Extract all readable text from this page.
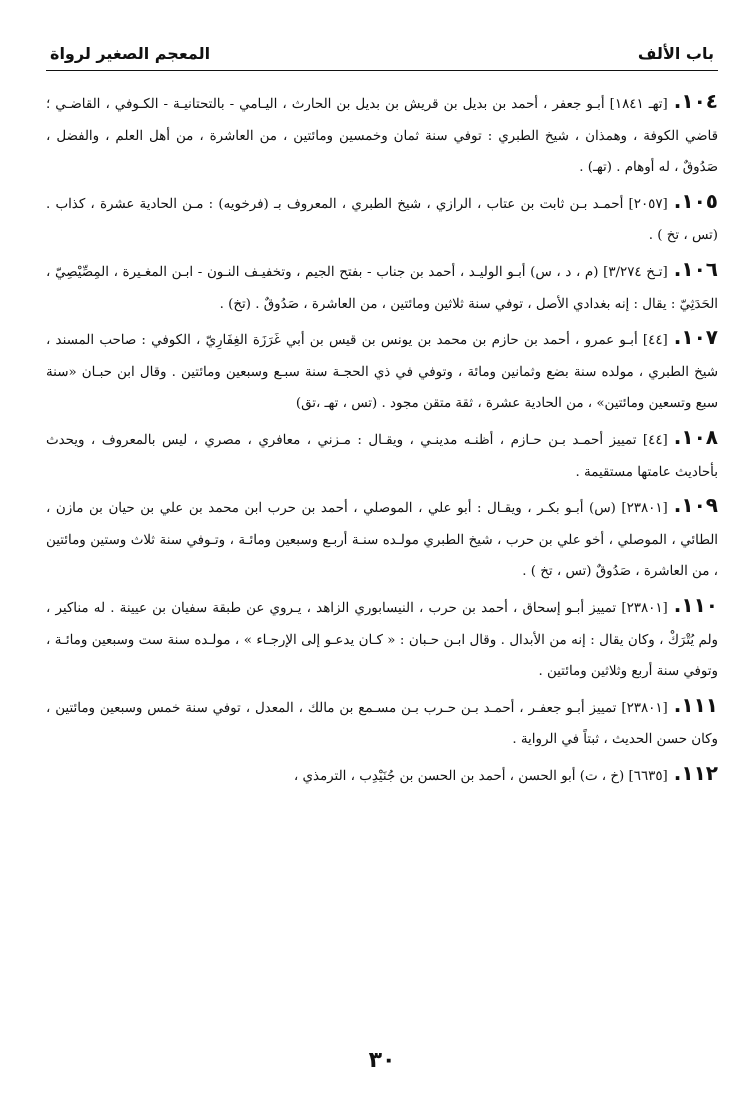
باب الألف
المعجم الصغير لرواة

١٠٤.[تهـ ١٨٤١] أبـو جعفر ، أحمد بن بديل بن قريش بن بديل بن الحارث ، اليـامي - بالتحتانيـة - الكـوفي ، القاضـي ؛ قاضي الكوفة ، وهمذان ، شيخ الطبري : توفي سنة ثمان وخمسين ومائتين ، من العاشرة ، من أهل العلم ، والفضل ، صَدُوقٌ ، له أوهام . (تهـ) .

١٠٥.[٢٠٥٧] أحمـد بـن ثابت بن عتاب ، الرازي ، شيخ الطبري ، المعروف بـ (فرخويه) : مـن الحادية عشرة ، كذاب .(تس ، تخ ) .

١٠٦.[تـخ ٣/٢٧٤] (م ، د ، س) أبـو الوليـد ، أحمد بن جناب - بفتح الجيم ، وتخفيـف النـون - ابـن المغـيرة ، المِصِّيْصِيّ ، الحَدَثِيّ : يقال : إنه بغدادي الأصل ، توفي سنة ثلاثين ومائتين ، من العاشرة ، صَدُوقٌ . (تخ) .

١٠٧.[٤٤] أبـو عمرو ، أحمد بن حازم بن محمد بن يونس بن قيس بن أبي غَرَزَة الغِفَارِيّ ، الكوفي : صاحب المسند ، شيخ الطبري ، مولده سنة بضع وثمانين ومائة ، وتوفي في ذي الحجـة سنة سبـع وسبعين ومائتين . وقال ابن حبـان «سنة سبع وتسعين ومائتين» ، من الحادية عشرة ، ثقة متقن مجود . (تس ، تهـ ،تق)

١٠٨.[٤٤] تمييز أحمـد بـن حـازم ، أظنـه مدينـي ، ويقـال : مـزني ، معافري ، مصري ، ليس بالمعروف ، ويحدث بأحاديث عامتها مستقيمة .

١٠٩.[٢٣٨٠١] (س) أبـو بكـر ، ويقـال : أبو علي ، الموصلي ، أحمد بن حرب ابن محمد بن علي بن حيان بن مازن ، الطائي ، الموصلي ، أخو علي بن حرب ، شيخ الطبري مولـده سنـة أربـع وسبعين ومائـة ، وتـوفي سنة ثلاث وستين ومائتين ، من العاشرة ، صَدُوقٌ (تس ، تخ ) .

١١٠.[٢٣٨٠١] تمييز أبـو إسحاق ، أحمد بن حرب ، النيسابوري الزاهد ، يـروي عن طبقة سفيان بن عيينة . له مناكير ، ولم يُتْرَكْ ، وكان يقال : إنه من الأبدال . وقال ابـن حـبان : « كـان يدعـو إلى الإرجـاء » ، مولـده سنة ست وسبعين ومائـة ، وتوفي سنة أربع وثلاثين ومائتين .

١١١.[٢٣٨٠١] تمييز أبـو جعفـر ، أحمـد بـن حـرب بـن مسـمع بن مالك ، المعدل ، توفي سنة خمس وسبعين ومائتين ، وكان حسن الحديث ، ثبتاً في الرواية .

١١٢.[٦٦٣٥] (خ ، ت) أبو الحسن ، أحمد بن الحسن بن جُنَيْدِب ، الترمذي ،

٣٠
